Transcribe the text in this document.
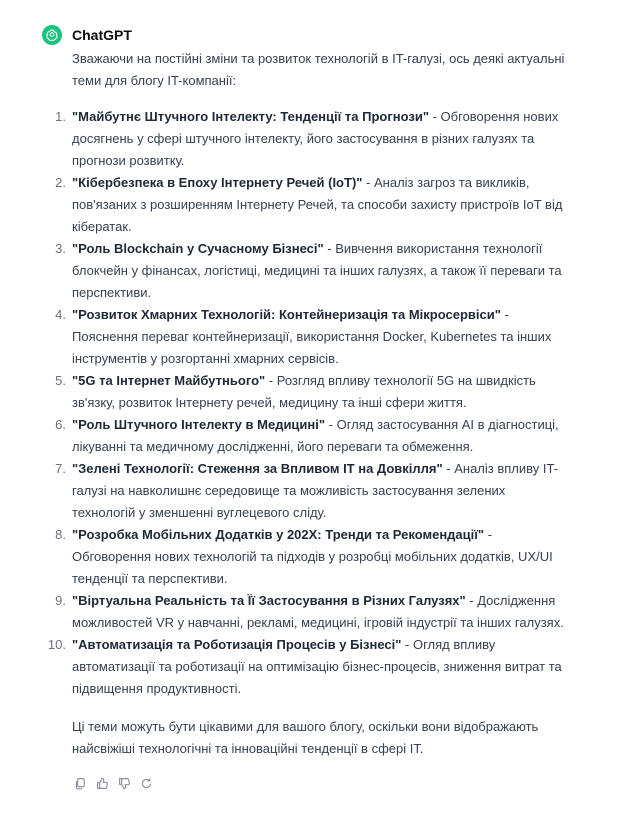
ChatGPT

Зважаючи на постійні зміни та розвиток технологій в IT-галузі, ось деякі актуальні теми для блогу IT-компанії:

1. "Майбутнє Штучного Інтелекту: Тенденції та Прогнози" - Обговорення нових досягнень у сфері штучного інтелекту, його застосування в різних галузях та прогнози розвитку.
2. "Кібербезпека в Епоху Інтернету Речей (IoT)" - Аналіз загроз та викликів, пов'язаних з розширенням Інтернету Речей, та способи захисту пристроїв IoT від кібератак.
3. "Роль Blockchain у Сучасному Бізнесі" - Вивчення використання технології блокчейн у фінансах, логістиці, медицині та інших галузях, а також її переваги та перспективи.
4. "Розвиток Хмарних Технологій: Контейнеризація та Мікросервіси" - Пояснення переваг контейнеризації, використання Docker, Kubernetes та інших інструментів у розгортанні хмарних сервісів.
5. "5G та Інтернет Майбутнього" - Розгляд впливу технології 5G на швидкість зв'язку, розвиток Інтернету речей, медицину та інші сфери життя.
6. "Роль Штучного Інтелекту в Медицині" - Огляд застосування AI в діагностиці, лікуванні та медичному дослідженні, його переваги та обмеження.
7. "Зелені Технології: Стеження за Впливом IT на Довкілля" - Аналіз впливу IT-галузі на навколишнє середовище та можливість застосування зелених технологій у зменшенні вуглецевого сліду.
8. "Розробка Мобільних Додатків у 202X: Тренди та Рекомендації" - Обговорення нових технологій та підходів у розробці мобільних додатків, UX/UI тенденції та перспективи.
9. "Віртуальна Реальність та Її Застосування в Різних Галузях" - Дослідження можливостей VR у навчанні, рекламі, медицині, ігровій індустрії та інших галузях.
10. "Автоматизація та Роботизація Процесів у Бізнесі" - Огляд впливу автоматизації та роботизації на оптимізацію бізнес-процесів, зниження витрат та підвищення продуктивності.

Ці теми можуть бути цікавими для вашого блогу, оскільки вони відображають найсвіжіші технологічні та інноваційні тенденції в сфері IT.
